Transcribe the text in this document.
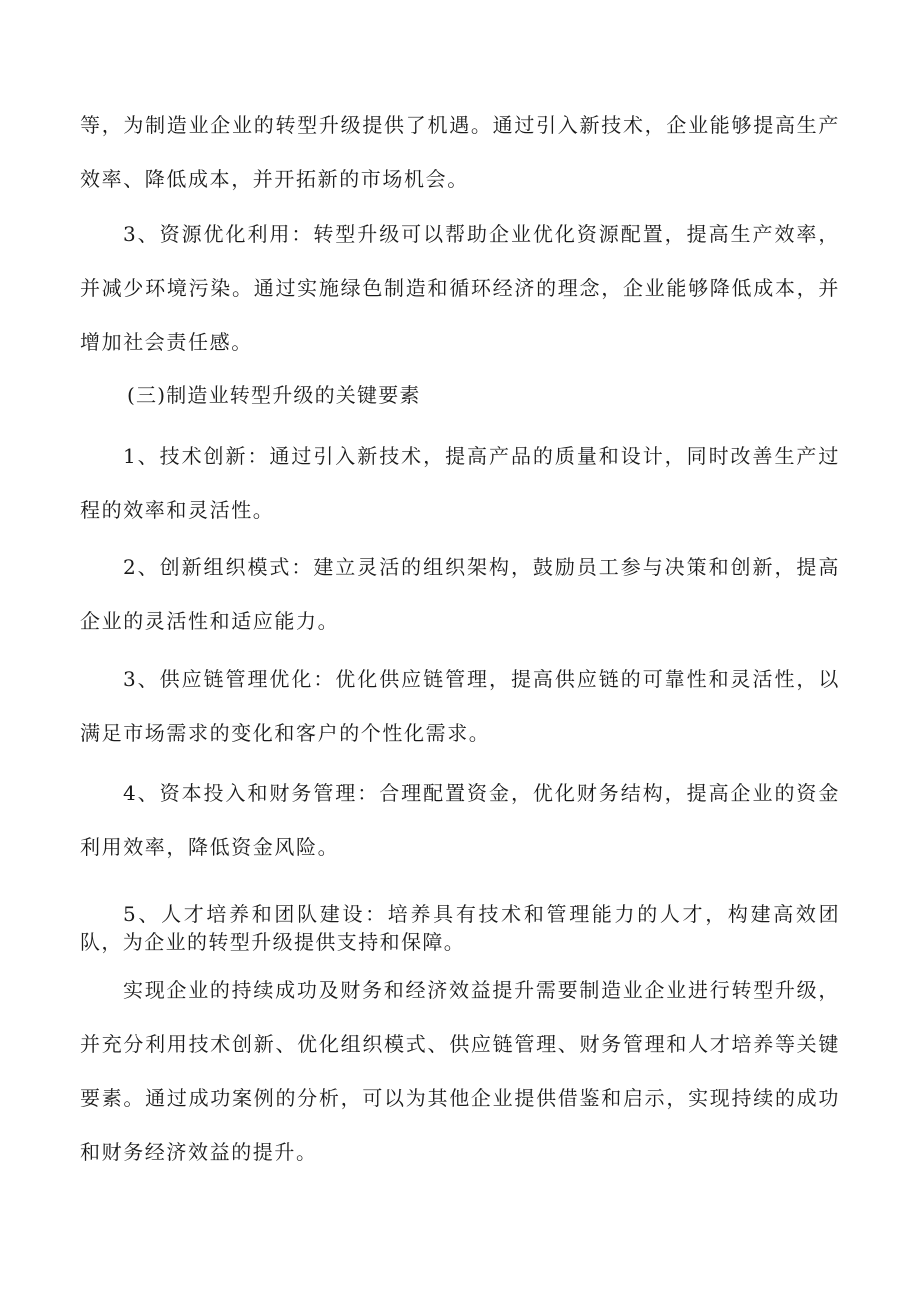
等，为制造业企业的转型升级提供了机遇。通过引入新技术，企业能够提高生产效率、降低成本，并开拓新的市场机会。

3、资源优化利用：转型升级可以帮助企业优化资源配置，提高生产效率，并减少环境污染。通过实施绿色制造和循环经济的理念，企业能够降低成本，并增加社会责任感。

(三)制造业转型升级的关键要素

1、技术创新：通过引入新技术，提高产品的质量和设计，同时改善生产过程的效率和灵活性。

2、创新组织模式：建立灵活的组织架构，鼓励员工参与决策和创新，提高企业的灵活性和适应能力。

3、供应链管理优化：优化供应链管理，提高供应链的可靠性和灵活性，以满足市场需求的变化和客户的个性化需求。

4、资本投入和财务管理：合理配置资金，优化财务结构，提高企业的资金利用效率，降低资金风险。

5、人才培养和团队建设：培养具有技术和管理能力的人才，构建高效团队，为企业的转型升级提供支持和保障。

实现企业的持续成功及财务和经济效益提升需要制造业企业进行转型升级，并充分利用技术创新、优化组织模式、供应链管理、财务管理和人才培养等关键要素。通过成功案例的分析，可以为其他企业提供借鉴和启示，实现持续的成功和财务经济效益的提升。
